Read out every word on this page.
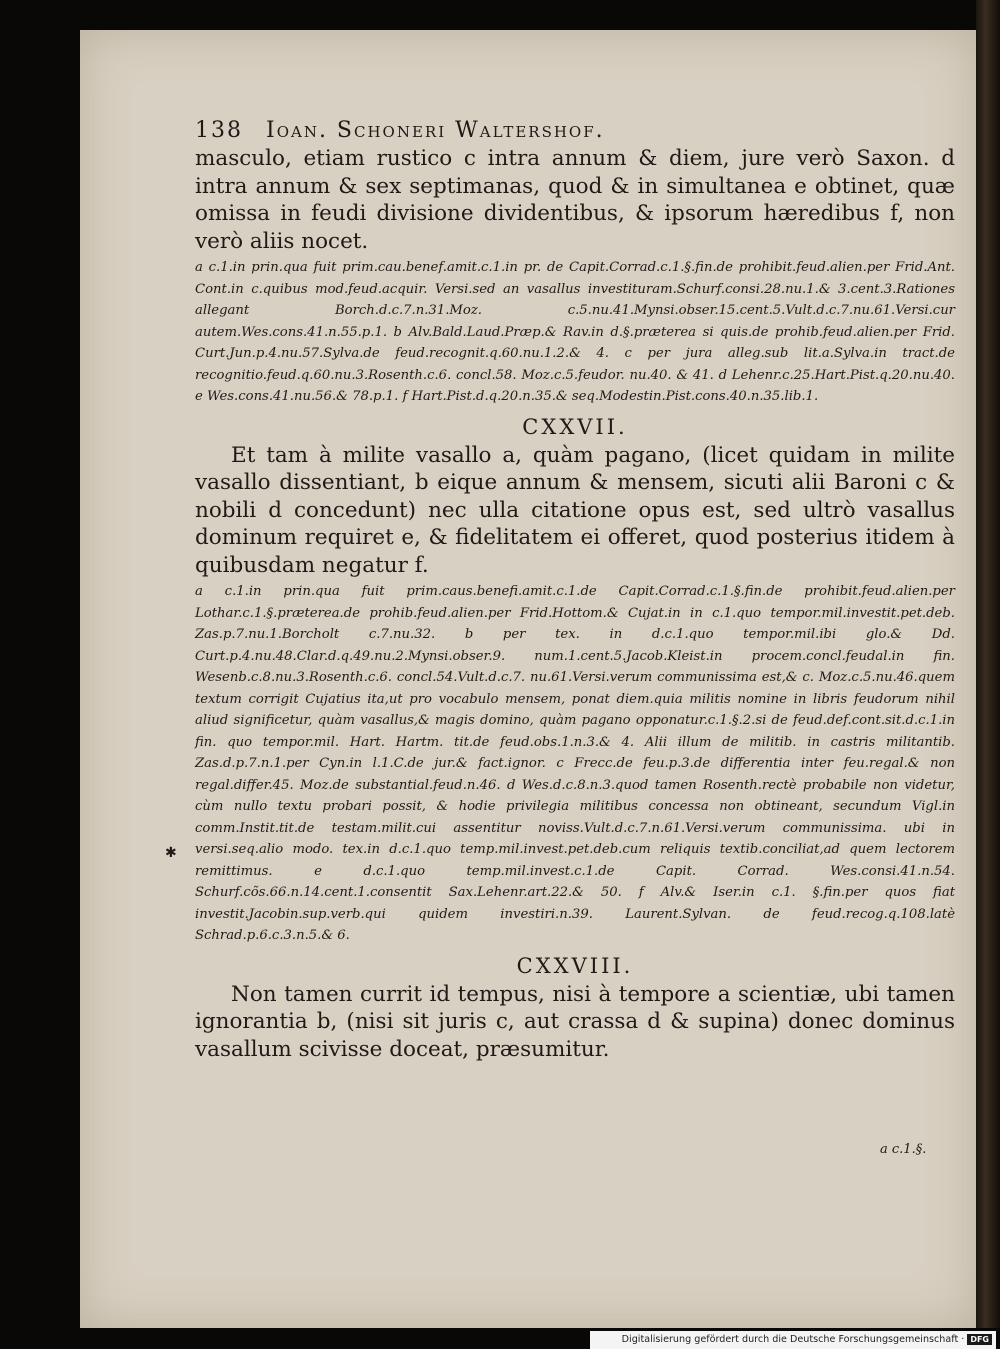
138 Ioan. Schoneri Waltershof.

masculo, etiam rustico c intra annum & diem, jure verò Saxon. d intra annum & sex septimanas, quod & in simultanea e obtinet, quæ omissa in feudi divisione dividentibus, & ipsorum hæredibus f, non verò aliis nocet.

a c.1.in prin.qua fuit prim.cau.benef.amit.c.1.in pr. de Capit.Corrad.c.1.§.fin.de prohibit.feud.alien.per Frid.Ant. Cont.in c.quibus mod.feud.acquir. Versi.sed an vasallus investituram.Schurf.consi.28.nu.1.& 3.cent.3.Rationes allegant Borch.d.c.7.n.31.Moz. c.5.nu.41.Mynsi.obser.15.cent.5.Vult.d.c.7.nu.61.Versi.cur autem.Wes.cons.41.n.55.p.1. b Alv.Bald.Laud.Præp.& Rav.in d.§.præterea si quis.de prohib.feud.alien.per Frid. Curt.Jun.p.4.nu.57.Sylva.de feud.recognit.q.60.nu.1.2.& 4. c per jura alleg.sub lit.a.Sylva.in tract.de recognitio.feud.q.60.nu.3.Rosenth.c.6. concl.58. Moz.c.5.feudor. nu.40. & 41. d Lehenr.c.25.Hart.Pist.q.20.nu.40. e Wes.cons.41.nu.56.& 78.p.1. f Hart.Pist.d.q.20.n.35.& seq.Modestin.Pist.cons.40.n.35.lib.1.

CXXVII.

Et tam à milite vasallo a, quàm pagano, (licet quidam in milite vasallo dissentiant, b eique annum & mensem, sicuti alii Baroni c & nobili d concedunt) nec ulla citatione opus est, sed ultrò vasallus dominum requiret e, & fidelitatem ei offeret, quod posterius itidem à quibusdam negatur f.

a c.1.in prin.qua fuit prim.caus.benefi.amit.c.1.de Capit.Corrad.c.1.§.fin.de prohibit.feud.alien.per Lothar.c.1.§.præterea.de prohib.feud.alien.per Frid.Hottom.& Cujat.in in c.1.quo tempor.mil.investit.pet.deb. Zas.p.7.nu.1.Borcholt c.7.nu.32. b per tex. in d.c.1.quo tempor.mil.ibi glo.& Dd. Curt.p.4.nu.48.Clar.d.q.49.nu.2.Mynsi.obser.9. num.1.cent.5.Jacob.Kleist.in procem.concl.feudal.in fin. Wesenb.c.8.nu.3.Rosenth.c.6. concl.54.Vult.d.c.7. nu.61.Versi.verum communissima est,& c. Moz.c.5.nu.46.quem textum corrigit Cujatius ita,ut pro vocabulo mensem, ponat diem.quia militis nomine in libris feudorum nihil aliud significetur, quàm vasallus,& magis domino, quàm pagano opponatur.c.1.§.2.si de feud.def.cont.sit.d.c.1.in fin. quo tempor.mil. Hart. Hartm. tit.de feud.obs.1.n.3.& 4. Alii illum de militib. in castris militantib. Zas.d.p.7.n.1.per Cyn.in l.1.C.de jur.& fact.ignor. c Frecc.de feu.p.3.de differentia inter feu.regal.& non regal.differ.45. Moz.de substantial.feud.n.46. d Wes.d.c.8.n.3.quod tamen Rosenth.rectè probabile non videtur, cùm nullo textu probari possit, & hodie privilegia militibus concessa non obtineant, secundum Vigl.in comm.Instit.tit.de testam.milit.cui assentitur noviss.Vult.d.c.7.n.61.Versi.verum communissima. ubi in versi.seq.alio modo. tex.in d.c.1.quo temp.mil.invest.pet.deb.cum reliquis textib.conciliat,ad quem lectorem remittimus. e d.c.1.quo temp.mil.invest.c.1.de Capit. Corrad. Wes.consi.41.n.54. Schurf.cõs.66.n.14.cent.1.consentit Sax.Lehenr.art.22.& 50. f Alv.& Iser.in c.1. §.fin.per quos fiat investit.Jacobin.sup.verb.qui quidem investiri.n.39. Laurent.Sylvan. de feud.recog.q.108.latè Schrad.p.6.c.3.n.5.& 6.

CXXVIII.

Non tamen currit id tempus, nisi à tempore a scientiæ, ubi tamen ignorantia b, (nisi sit juris c, aut crassa d & supina) donec dominus vasallum scivisse doceat, præsumitur.

✱
a c.1.§.
Digitalisierung gefördert durch die Deutsche Forschungsgemeinschaft · DFG
